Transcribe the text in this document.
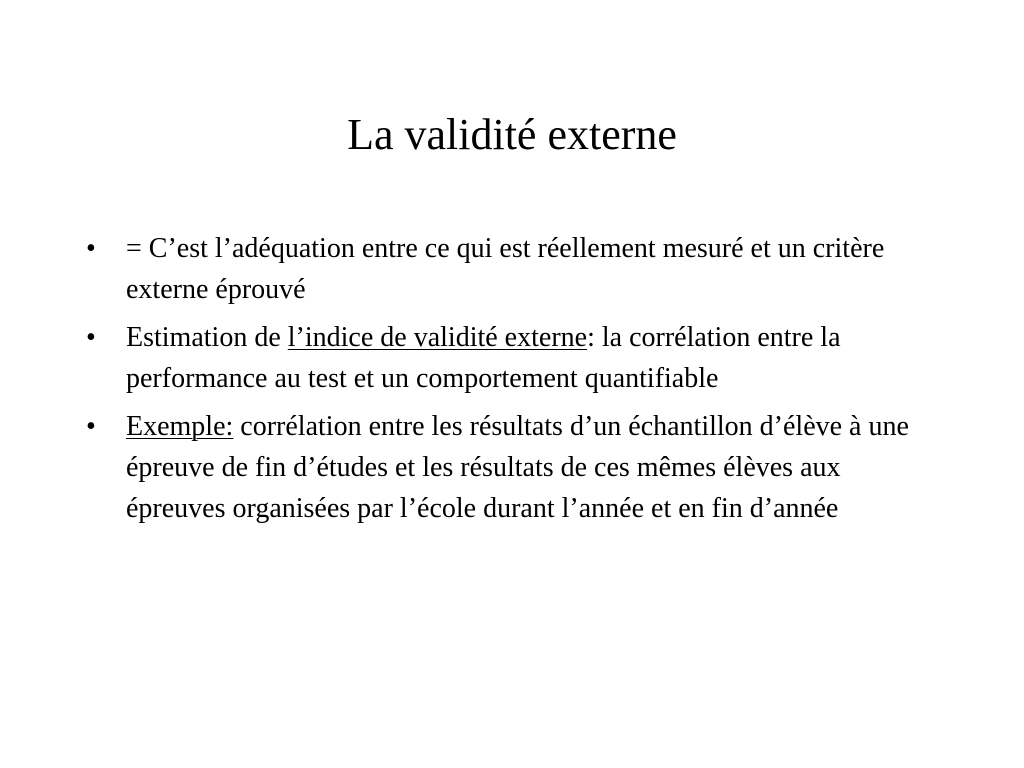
La validité externe
•	= C’est l’adéquation entre ce qui est réellement mesuré et un critère externe éprouvé
•	Estimation de l’indice de validité externe: la corrélation entre la performance au test et un comportement quantifiable
•	Exemple: corrélation entre les résultats d’un échantillon d’élève à une épreuve de fin d’études et les résultats de ces mêmes élèves aux épreuves organisées par l’école durant l’année et en fin d’année
